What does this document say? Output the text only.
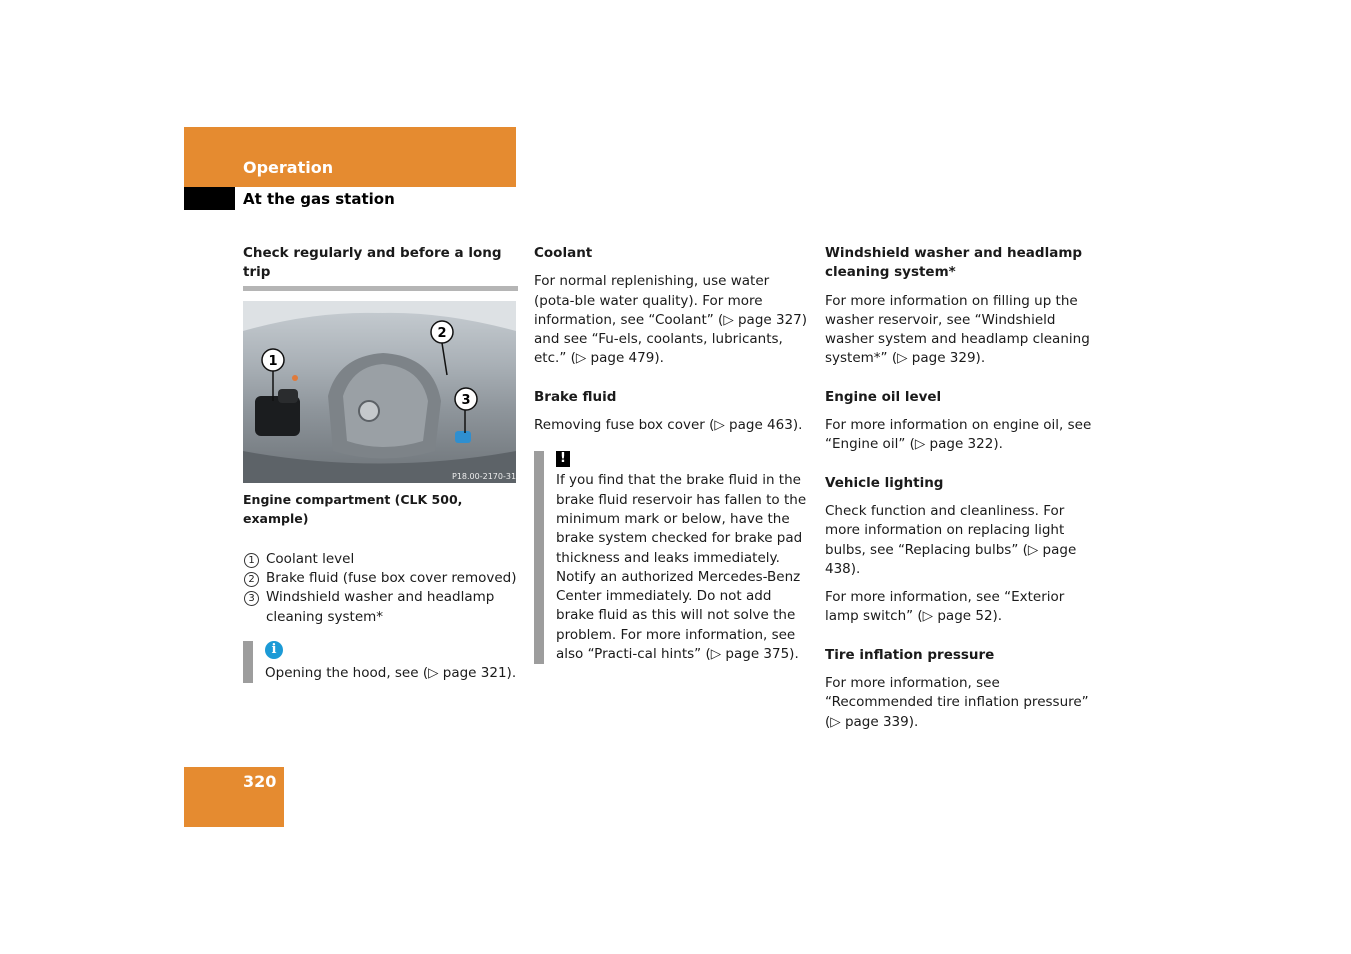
Operation
At the gas station

Check regularly and before a long trip

1
2
3
P18.00-2170-31

Engine compartment (CLK 500, example)

1 Coolant level
2 Brake fluid (fuse box cover removed)
3 Windshield washer and headlamp cleaning system*
i

Opening the hood, see (▷ page 321).

Coolant

For normal replenishing, use water (pota-ble water quality). For more information, see “Coolant” (▷ page 327) and see “Fu-els, coolants, lubricants, etc.” (▷ page 479).

Brake fluid

Removing fuse box cover (▷ page 463).

!

If you find that the brake fluid in the brake fluid reservoir has fallen to the minimum mark or below, have the brake system checked for brake pad thickness and leaks immediately. Notify an authorized Mercedes-Benz Center immediately. Do not add brake fluid as this will not solve the problem. For more information, see also “Practi-cal hints” (▷ page 375).

Windshield washer and headlamp cleaning system*

For more information on filling up the washer reservoir, see “Windshield washer system and headlamp cleaning system*” (▷ page 329).

Engine oil level

For more information on engine oil, see “Engine oil” (▷ page 322).

Vehicle lighting

Check function and cleanliness. For more information on replacing light bulbs, see “Replacing bulbs” (▷ page 438).

For more information, see “Exterior lamp switch” (▷ page 52).

Tire inflation pressure

For more information, see “Recommended tire inflation pressure” (▷ page 339).

320
